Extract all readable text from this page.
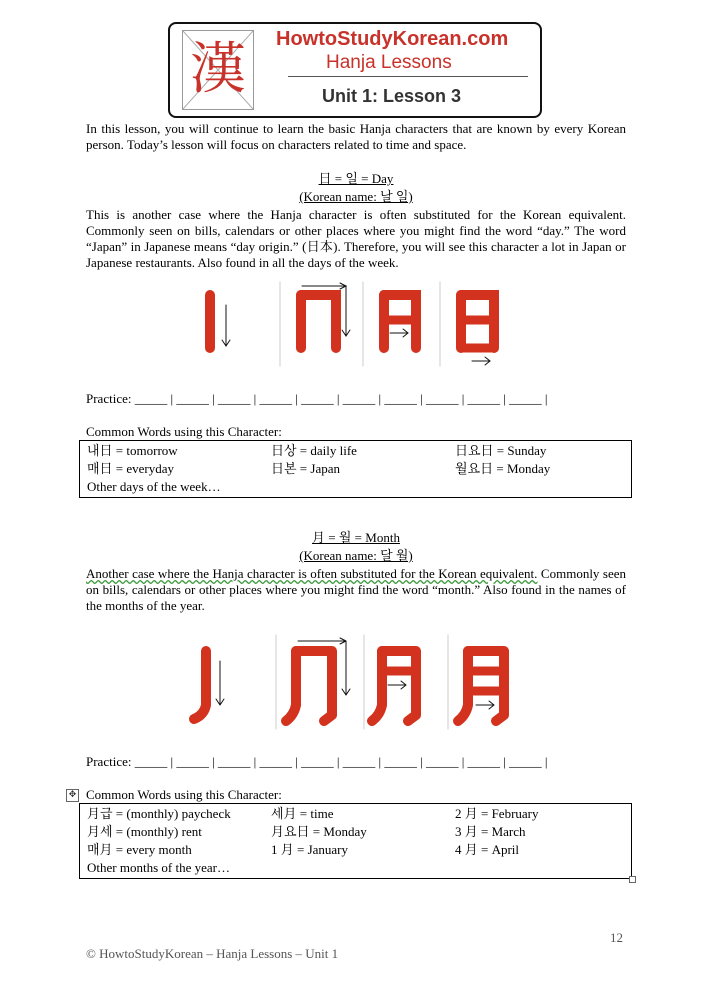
漢	HowtoStudyKorean.com
Hanja Lessons
Unit 1: Lesson 3
In this lesson, you will continue to learn the basic Hanja characters that are known by every Korean person. Today’s lesson will focus on characters related to time and space.
日 = 일 = Day
(Korean name: 날 일)
This is another case where the Hanja character is often substituted for the Korean equivalent. Commonly seen on bills, calendars or other places where you might find the word “day.” The word “Japan” in Japanese means “day origin.” (日本). Therefore, you will see this character a lot in Japan or Japanese restaurants. Also found in all the days of the week.
Practice: _____ | _____ | _____ | _____ | _____ | _____ | _____ | _____ | _____ | _____ |
Common Words using this Character:
내日 = tomorrow	日상 = daily life	日요日 = Sunday
매日 = everyday	日본 = Japan	월요日 = Monday
Other days of the week…
月 = 월 = Month
(Korean name: 달 월)
Another case where the Hanja character is often substituted for the Korean equivalent. Commonly seen on bills, calendars or other places where you might find the word “month.” Also found in the names of the months of the year.
Practice: _____ | _____ | _____ | _____ | _____ | _____ | _____ | _____ | _____ | _____ |
✥ Common Words using this Character:
月급 = (monthly) paycheck	세月 = time	2 月 = February
月세 = (monthly) rent	月요日 = Monday	3 月 = March
매月 = every month	1 月 = January	4 月 = April
Other months of the year…
12
© HowtoStudyKorean – Hanja Lessons – Unit 1
